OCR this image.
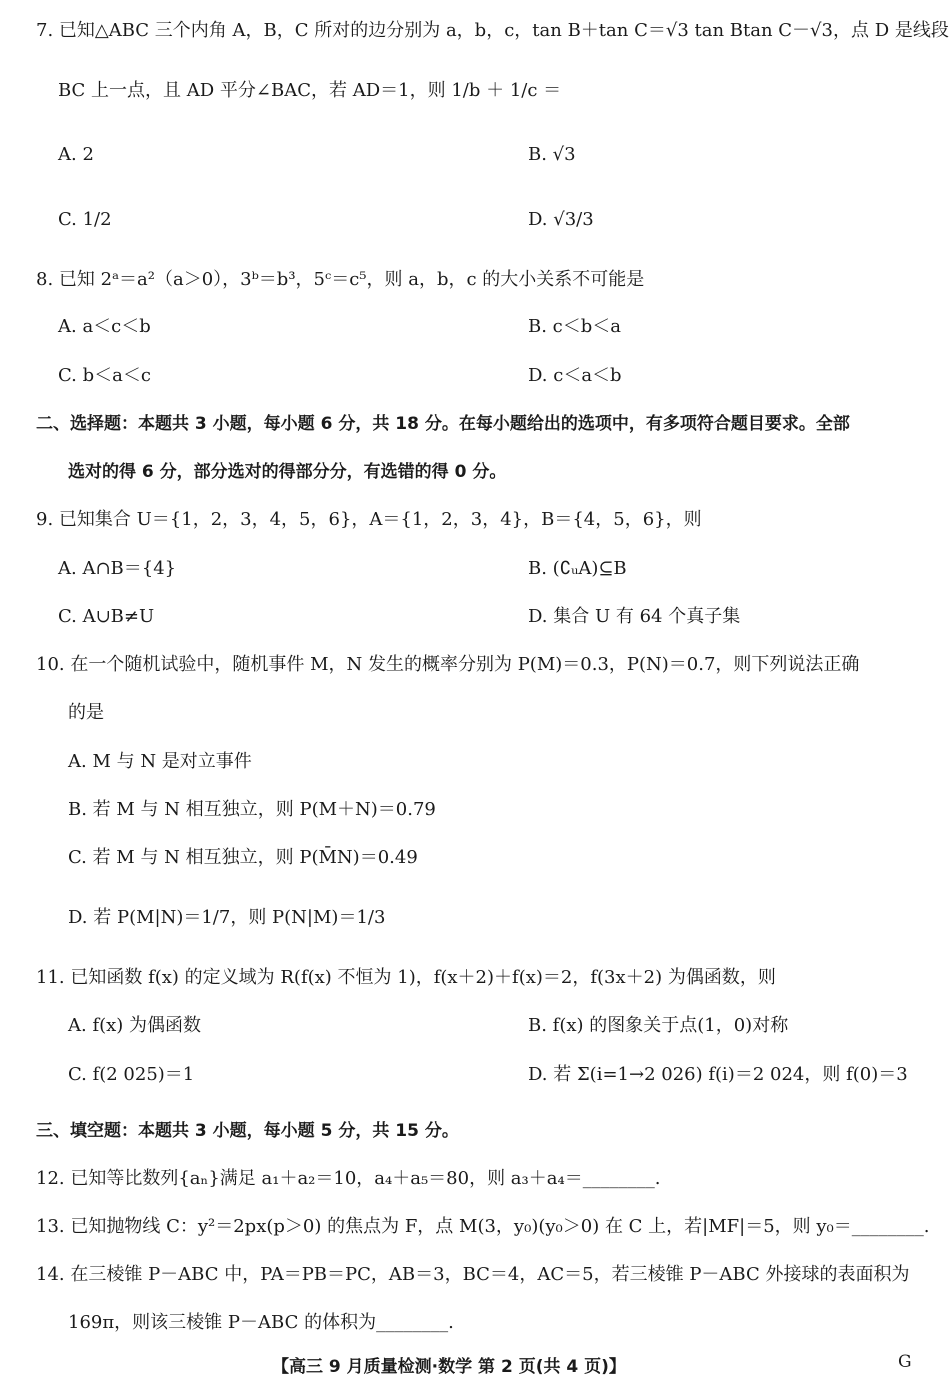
7. 已知△ABC 三个内角 A，B，C 所对的边分别为 a，b，c，tan B＋tan C＝√3 tan Btan C－√3，点 D 是线段
BC 上一点，且 AD 平分∠BAC，若 AD＝1，则 1/b ＋ 1/c ＝
A. 2	B. √3
C. 1/2	D. √3/3
8. 已知 2ᵃ＝a²（a＞0），3ᵇ＝b³，5ᶜ＝c⁵，则 a，b，c 的大小关系不可能是
A. a＜c＜b	B. c＜b＜a
C. b＜a＜c	D. c＜a＜b
二、选择题：本题共 3 小题，每小题 6 分，共 18 分。在每小题给出的选项中，有多项符合题目要求。全部
选对的得 6 分，部分选对的得部分分，有选错的得 0 分。
9. 已知集合 U＝{1，2，3，4，5，6}，A＝{1，2，3，4}，B＝{4，5，6}，则
A. A∩B＝{4}	B. (∁ᵤA)⊆B
C. A∪B≠U	D. 集合 U 有 64 个真子集
10. 在一个随机试验中，随机事件 M，N 发生的概率分别为 P(M)＝0.3，P(N)＝0.7，则下列说法正确
的是
A. M 与 N 是对立事件
B. 若 M 与 N 相互独立，则 P(M＋N)＝0.79
C. 若 M 与 N 相互独立，则 P(M̄N)＝0.49
D. 若 P(M|N)＝1/7，则 P(N|M)＝1/3
11. 已知函数 f(x) 的定义域为 R(f(x) 不恒为 1)，f(x＋2)＋f(x)＝2，f(3x＋2) 为偶函数，则
A. f(x) 为偶函数	B. f(x) 的图象关于点(1，0)对称
C. f(2 025)＝1	D. 若 Σ(i=1→2 026) f(i)＝2 024，则 f(0)＝3
三、填空题：本题共 3 小题，每小题 5 分，共 15 分。
12. 已知等比数列{aₙ}满足 a₁＋a₂＝10，a₄＋a₅＝80，则 a₃＋a₄＝________.
13. 已知抛物线 C：y²＝2px(p＞0) 的焦点为 F，点 M(3，y₀)(y₀＞0) 在 C 上，若|MF|＝5，则 y₀＝________.
14. 在三棱锥 P－ABC 中，PA＝PB＝PC，AB＝3，BC＝4，AC＝5，若三棱锥 P－ABC 外接球的表面积为
169π，则该三棱锥 P－ABC 的体积为________.
【高三 9 月质量检测·数学 第 2 页(共 4 页)】	G
